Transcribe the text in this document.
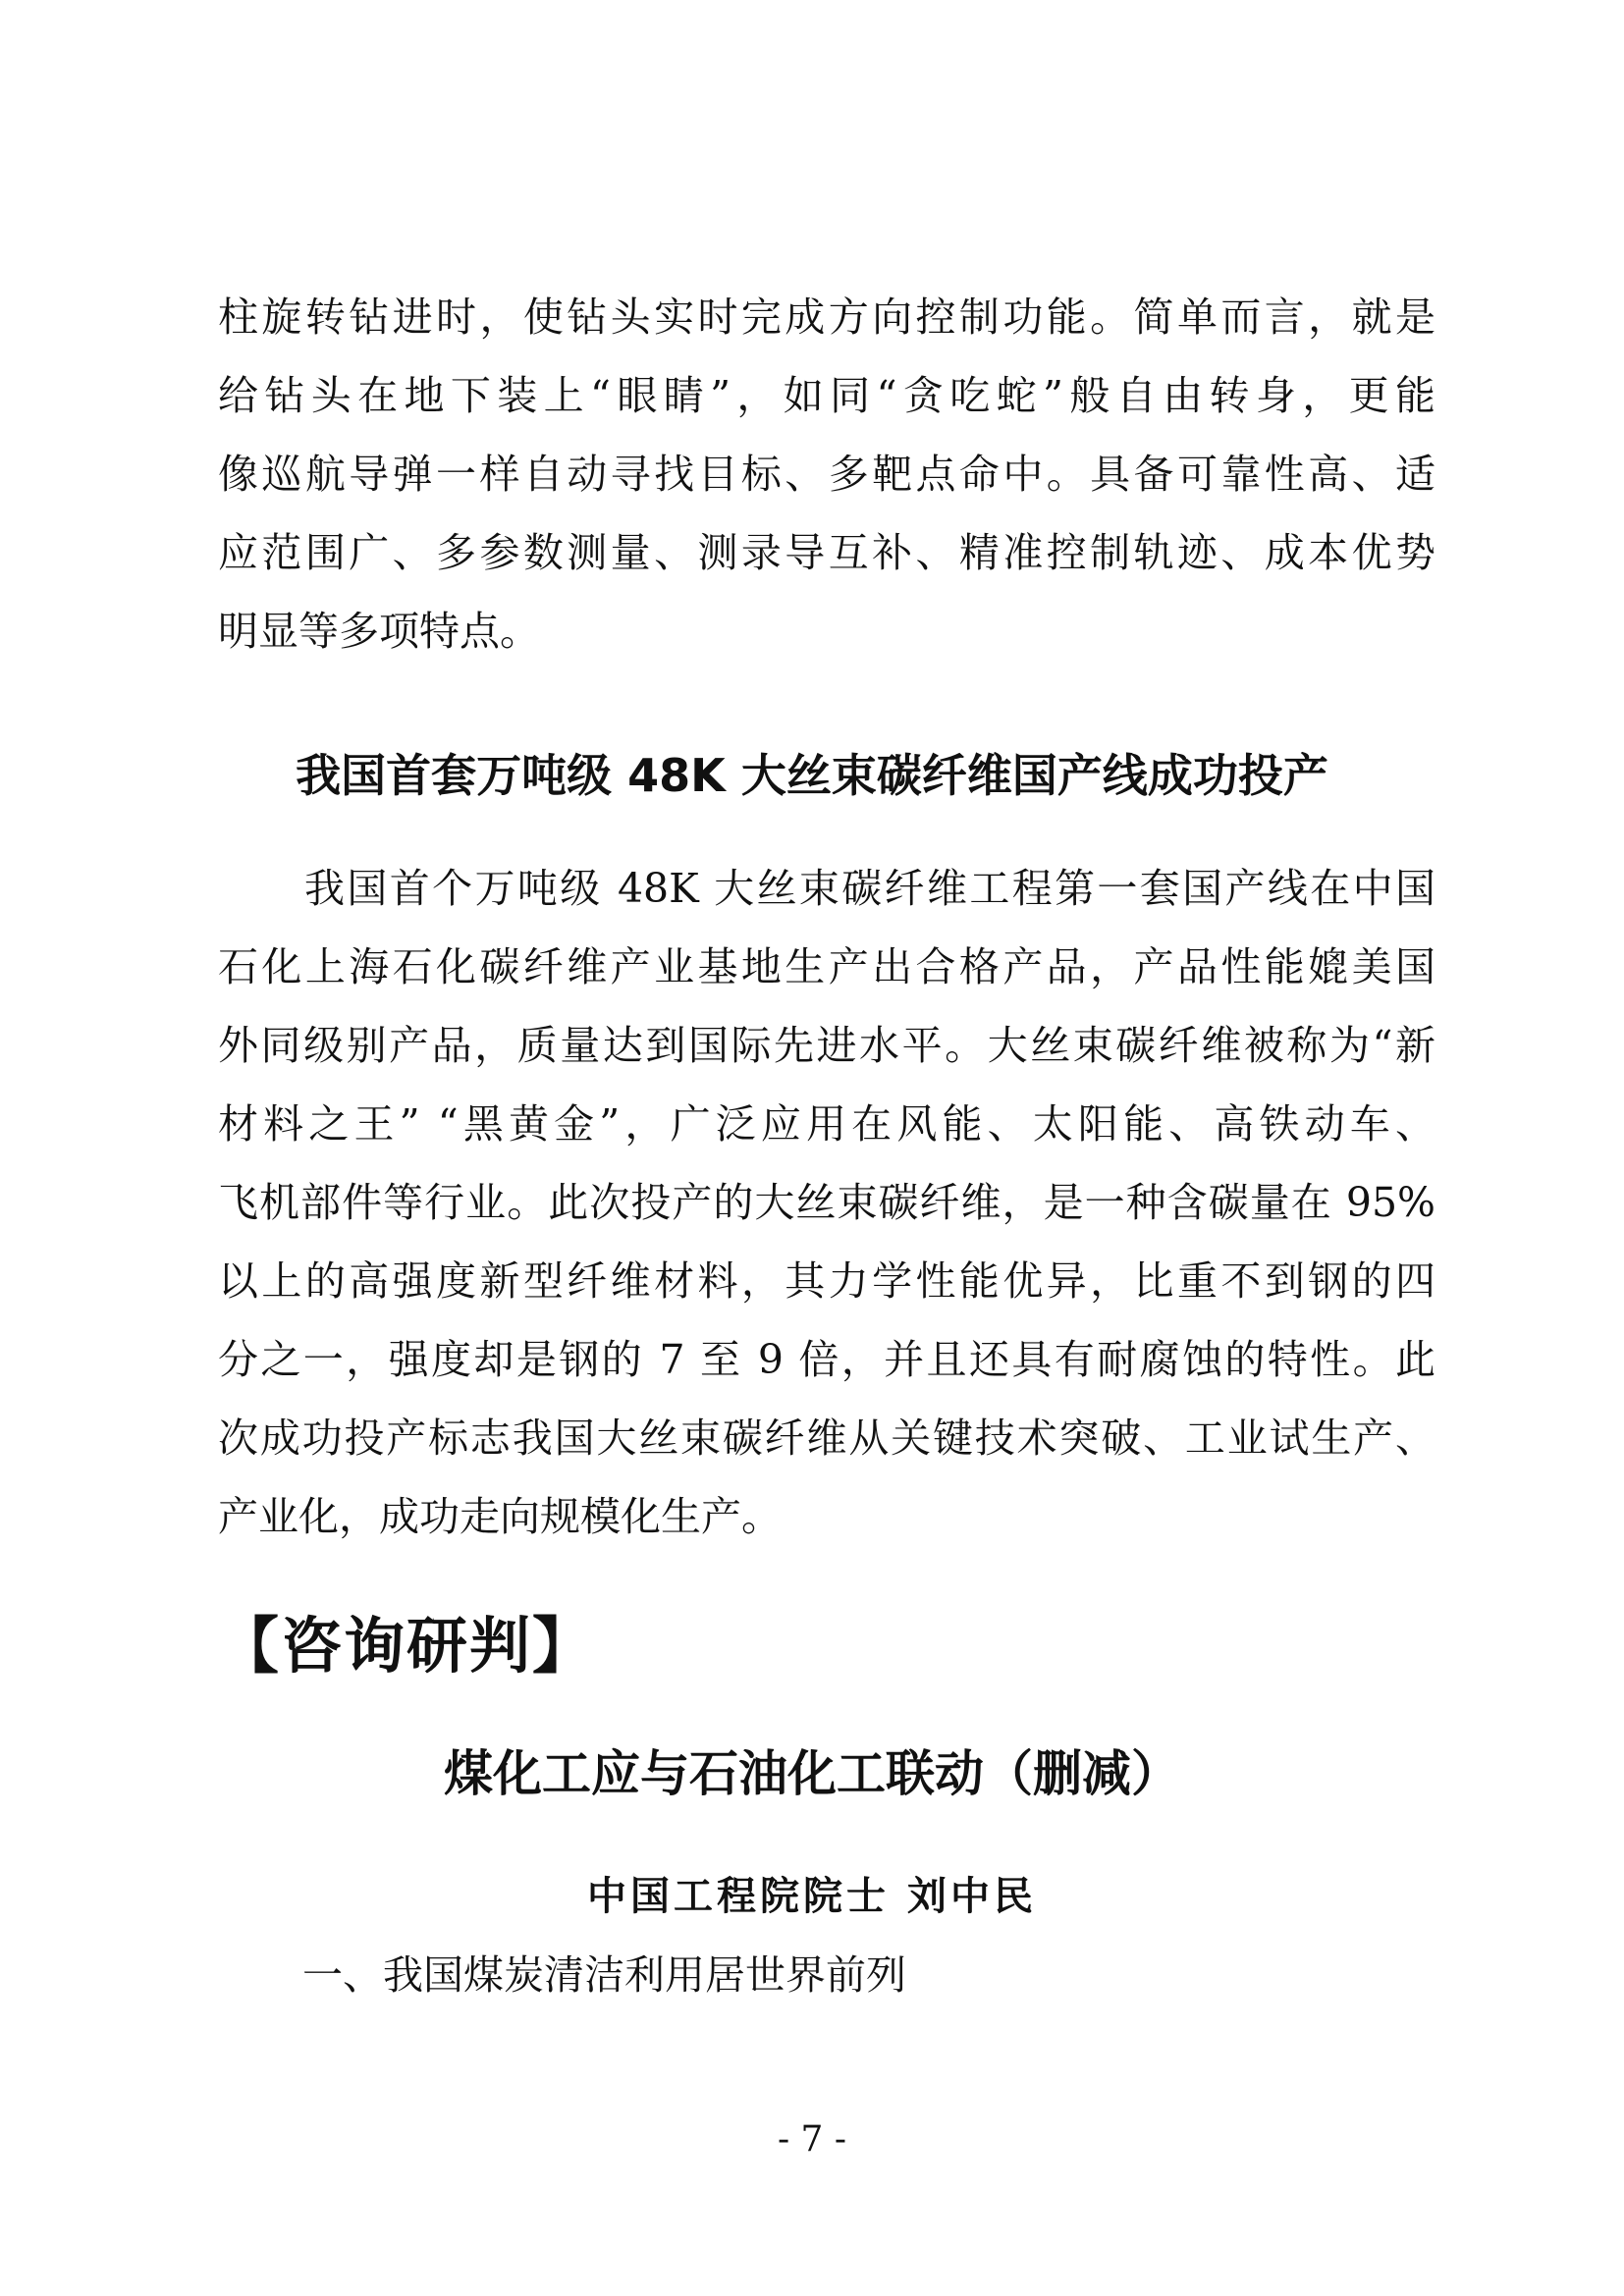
柱旋转钻进时，使钻头实时完成方向控制功能。简单而言，就是
给钻头在地下装上“眼睛”，如同“贪吃蛇”般自由转身，更能
像巡航导弹一样自动寻找目标、多靶点命中。具备可靠性高、适
应范围广、多参数测量、测录导互补、精准控制轨迹、成本优势
明显等多项特点。
我国首套万吨级 48K 大丝束碳纤维国产线成功投产
我国首个万吨级 48K 大丝束碳纤维工程第一套国产线在中国
石化上海石化碳纤维产业基地生产出合格产品，产品性能媲美国
外同级别产品，质量达到国际先进水平。大丝束碳纤维被称为“新
材料之王” “黑黄金”，广泛应用在风能、太阳能、高铁动车、
飞机部件等行业。此次投产的大丝束碳纤维，是一种含碳量在 95%
以上的高强度新型纤维材料，其力学性能优异，比重不到钢的四
分之一，强度却是钢的 7 至 9 倍，并且还具有耐腐蚀的特性。此
次成功投产标志我国大丝束碳纤维从关键技术突破、工业试生产、
产业化，成功走向规模化生产。
【咨询研判】
煤化工应与石油化工联动（删减）
中国工程院院士 刘中民
一、我国煤炭清洁利用居世界前列
- 7 -
